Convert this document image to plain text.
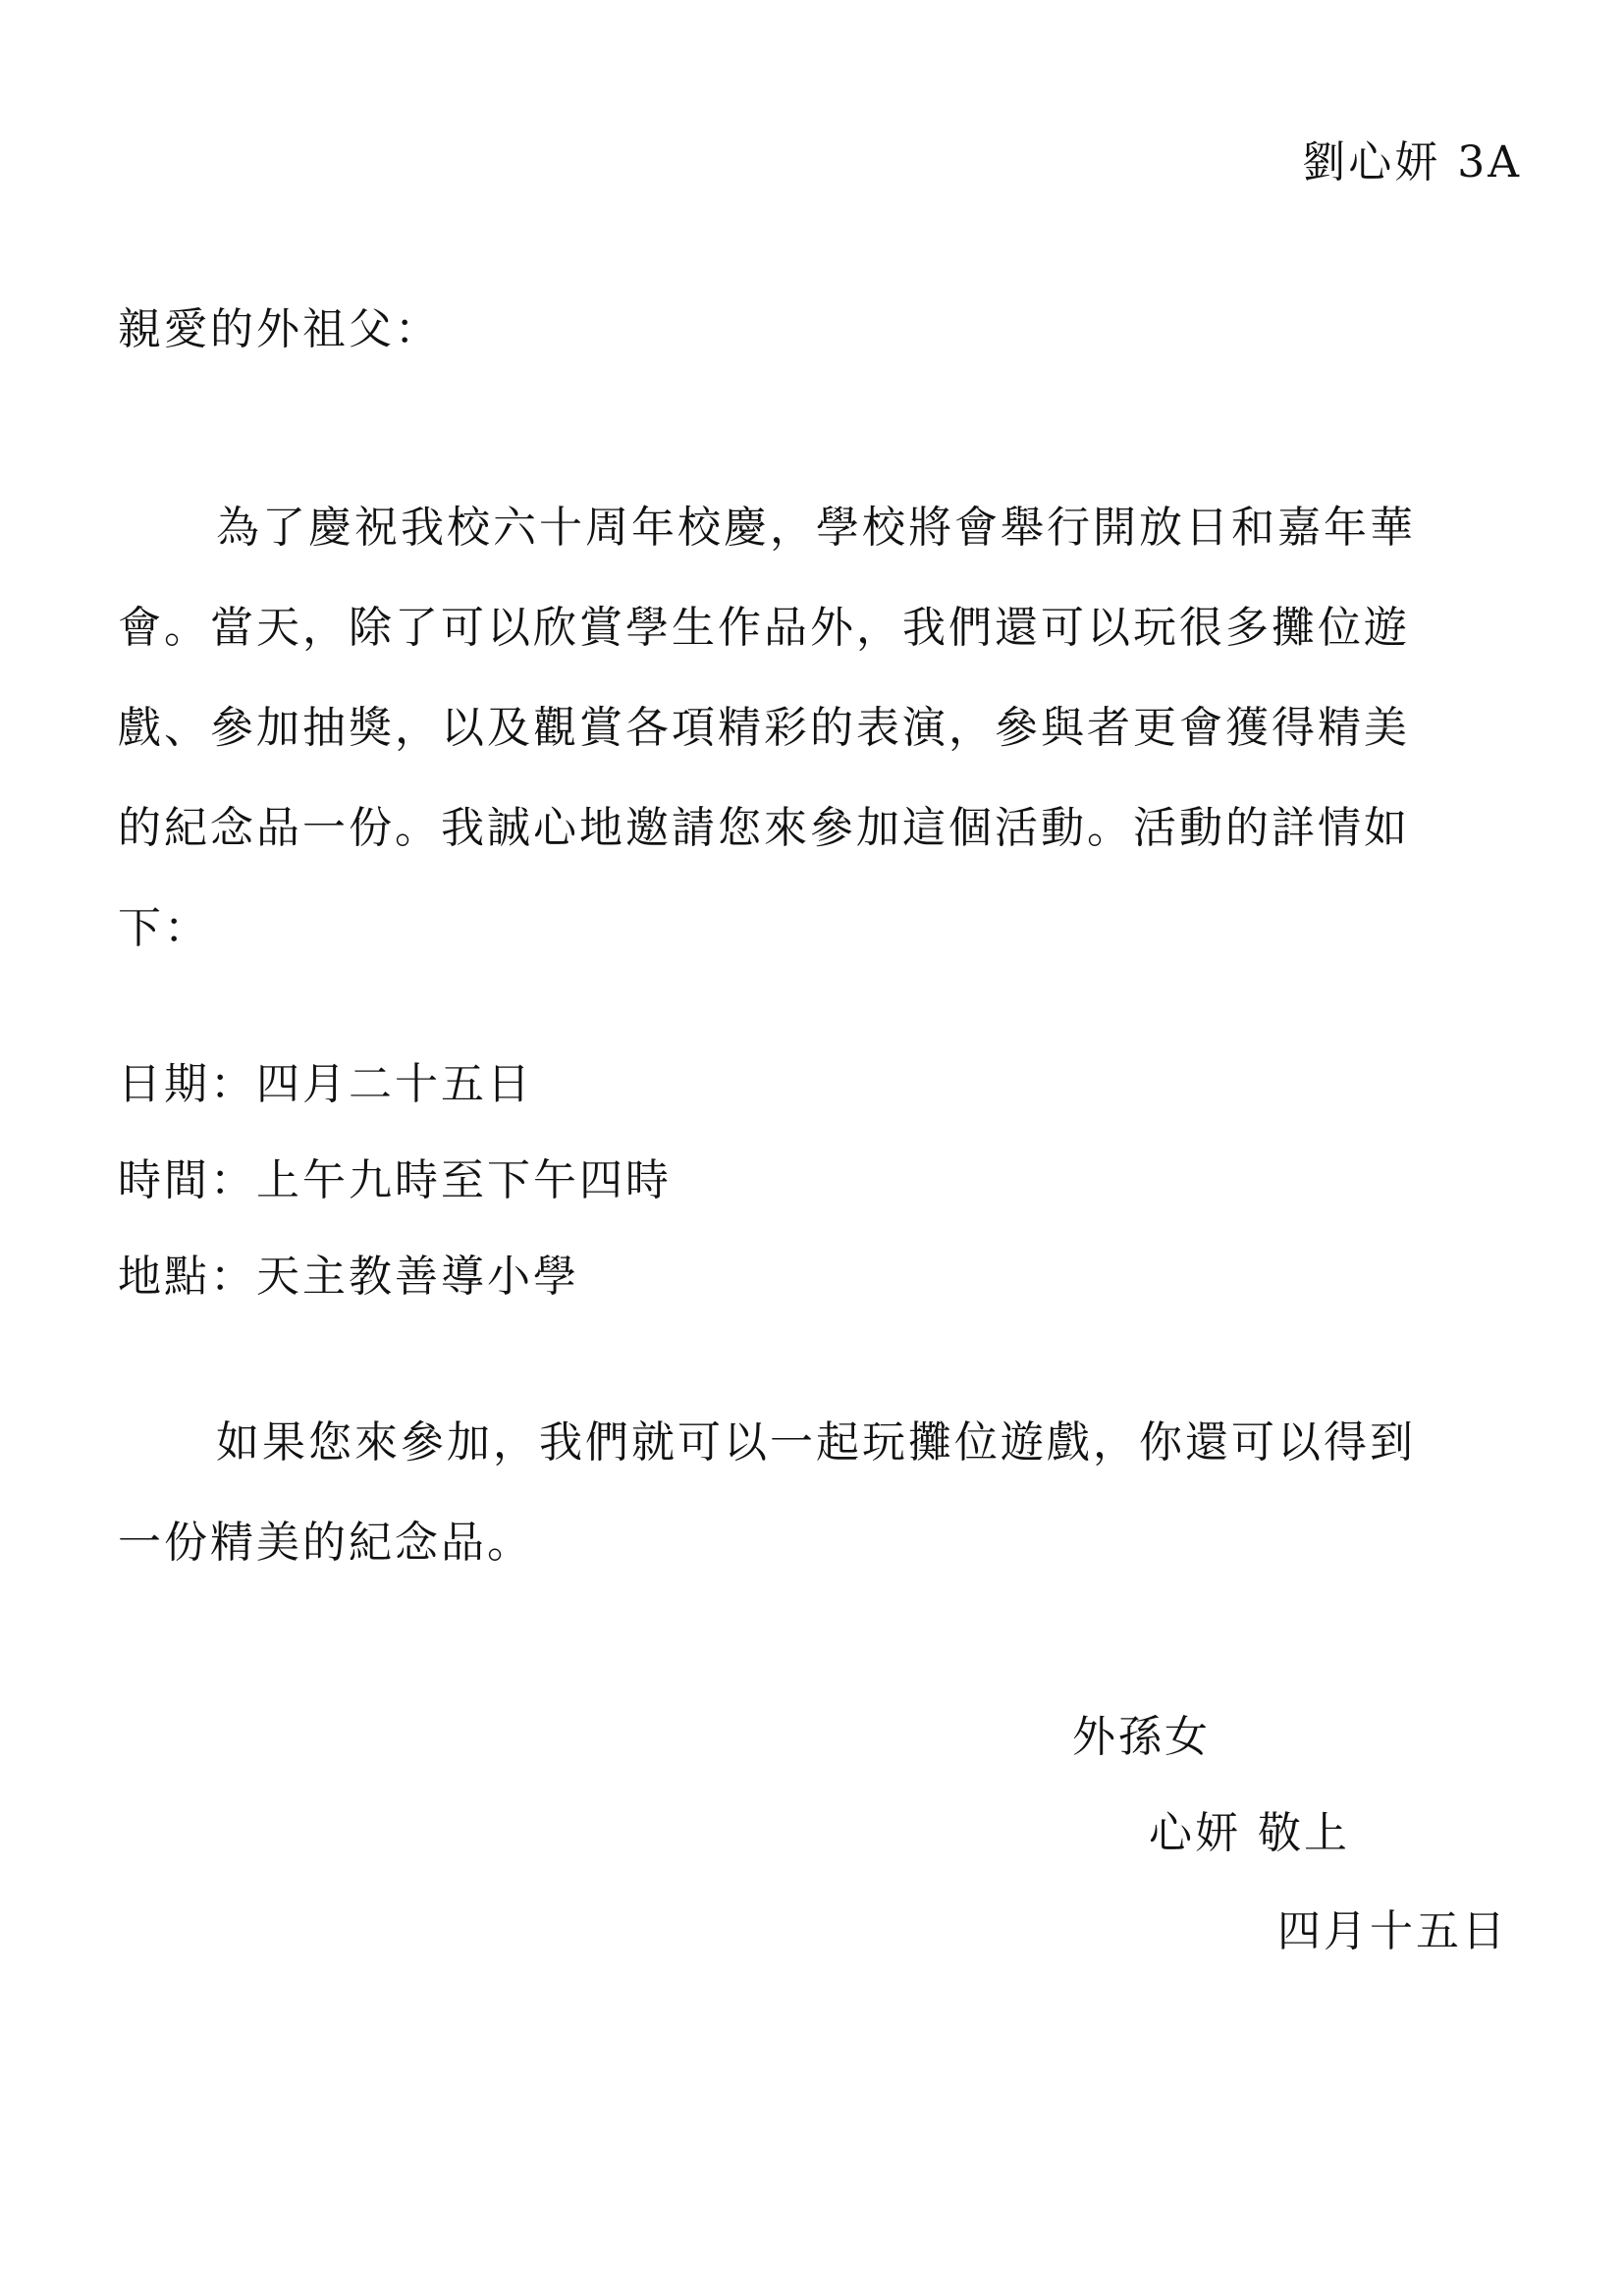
劉心妍 3A
親愛的外祖父：
為了慶祝我校六十周年校慶，學校將會舉行開放日和嘉年華
會。當天，除了可以欣賞學生作品外，我們還可以玩很多攤位遊
戲、參加抽獎，以及觀賞各項精彩的表演，參與者更會獲得精美
的紀念品一份。我誠心地邀請您來參加這個活動。活動的詳情如
下：
日期：四月二十五日
時間：上午九時至下午四時
地點：天主教善導小學
如果您來參加，我們就可以一起玩攤位遊戲，你還可以得到
一份精美的紀念品。
外孫女
心妍 敬上
四月十五日
